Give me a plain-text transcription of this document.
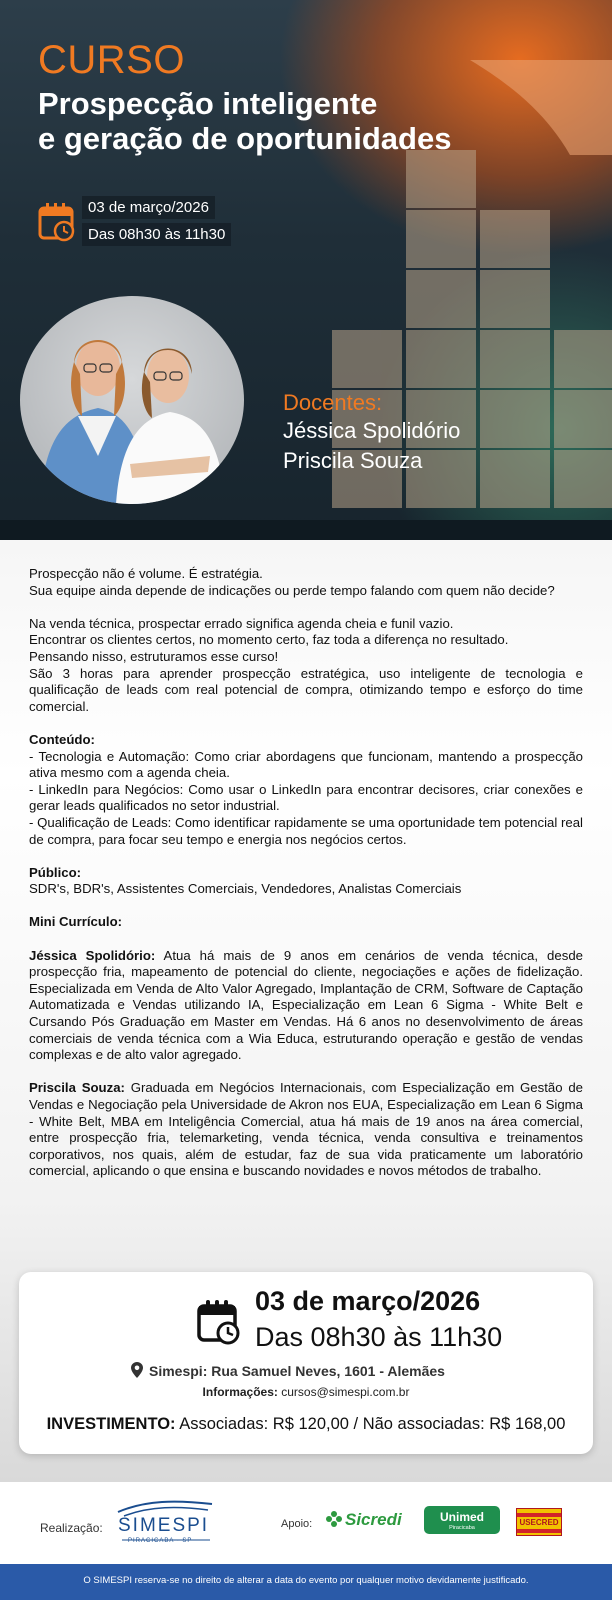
CURSO
Prospecção inteligente
e geração de oportunidades
03 de março/2026
Das 08h30 às 11h30
Docentes:
Jéssica Spolidório
Priscila Souza

Prospecção não é volume. É estratégia.

Sua equipe ainda depende de indicações ou perde tempo falando com quem não decide?

Na venda técnica, prospectar errado significa agenda cheia e funil vazio.

Encontrar os clientes certos, no momento certo, faz toda a diferença no resultado.

Pensando nisso, estruturamos esse curso!

São 3 horas para aprender prospecção estratégica, uso inteligente de tecnologia e qualificação de leads com real potencial de compra, otimizando tempo e esforço do time comercial.

Conteúdo:

- Tecnologia e Automação: Como criar abordagens que funcionam, mantendo a prospecção ativa mesmo com a agenda cheia.

- LinkedIn para Negócios: Como usar o LinkedIn para encontrar decisores, criar conexões e gerar leads qualificados no setor industrial.

- Qualificação de Leads: Como identificar rapidamente se uma oportunidade tem potencial real de compra, para focar seu tempo e energia nos negócios certos.

Público:

SDR's, BDR's, Assistentes Comerciais, Vendedores, Analistas Comerciais

Mini Currículo:

Jéssica Spolidório: Atua há mais de 9 anos em cenários de venda técnica, desde prospecção fria, mapeamento de potencial do cliente, negociações e ações de fidelização. Especializada em Venda de Alto Valor Agregado, Implantação de CRM, Software de Captação Automatizada e Vendas utilizando IA, Especialização em Lean 6 Sigma - White Belt e Cursando Pós Graduação em Master em Vendas. Há 6 anos no desenvolvimento de áreas comerciais de venda técnica com a Wia Educa, estruturando operação e gestão de vendas complexas e de alto valor agregado.

Priscila Souza: Graduada em Negócios Internacionais, com Especialização em Gestão de Vendas e Negociação pela Universidade de Akron nos EUA, Especialização em Lean 6 Sigma - White Belt, MBA em Inteligência Comercial, atua há mais de 19 anos na área comercial, entre prospecção fria, telemarketing, venda técnica, venda consultiva e treinamentos corporativos, nos quais, além de estudar, faz de sua vida praticamente um laboratório comercial, aplicando o que ensina e buscando novidades e novos métodos de trabalho.

03 de março/2026
Das 08h30 às 11h30
Simespi: Rua Samuel Neves, 1601 - Alemães
Informações: cursos@simespi.com.br
INVESTIMENTO: Associadas: R$ 120,00 / Não associadas: R$ 168,00
Realização: SIMESPI
PIRACICABA - SP
Apoio:	Sicredi	Unimed
Piracicaba
USECRED
O SIMESPI reserva-se no direito de alterar a data do evento por qualquer motivo devidamente justificado.
